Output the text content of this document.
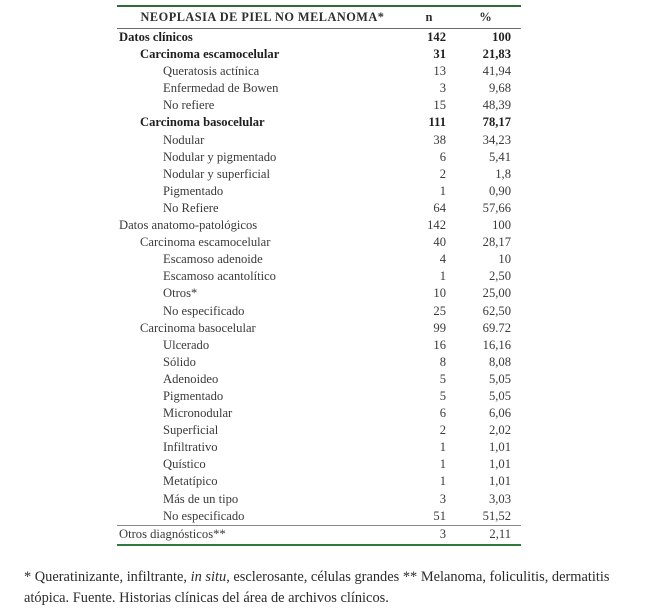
NEOPLASIA DE PIEL NO MELANOMA*	n	%
Datos clínicos	142	100
Carcinoma escamocelular	31	21,83
Queratosis actínica	13	41,94
Enfermedad de Bowen	3	9,68
No refiere	15	48,39
Carcinoma basocelular	111	78,17
Nodular	38	34,23
Nodular y pigmentado	6	5,41
Nodular y superficial	2	1,8
Pigmentado	1	0,90
No Refiere	64	57,66
Datos anatomo-patológicos	142	100
Carcinoma escamocelular	40	28,17
Escamoso adenoide	4	10
Escamoso acantolítico	1	2,50
Otros*	10	25,00
No especificado	25	62,50
Carcinoma basocelular	99	69.72
Ulcerado	16	16,16
Sólido	8	8,08
Adenoideo	5	5,05
Pigmentado	5	5,05
Micronodular	6	6,06
Superficial	2	2,02
Infiltrativo	1	1,01
Quístico	1	1,01
Metatípico	1	1,01
Más de un tipo	3	3,03
No especificado	51	51,52
Otros diagnósticos**	3	2,11
* Queratinizante, infiltrante, in situ, esclerosante, células grandes ** Melanoma, foliculitis, dermatitis atópica. Fuente. Historias clínicas del área de archivos clínicos.
